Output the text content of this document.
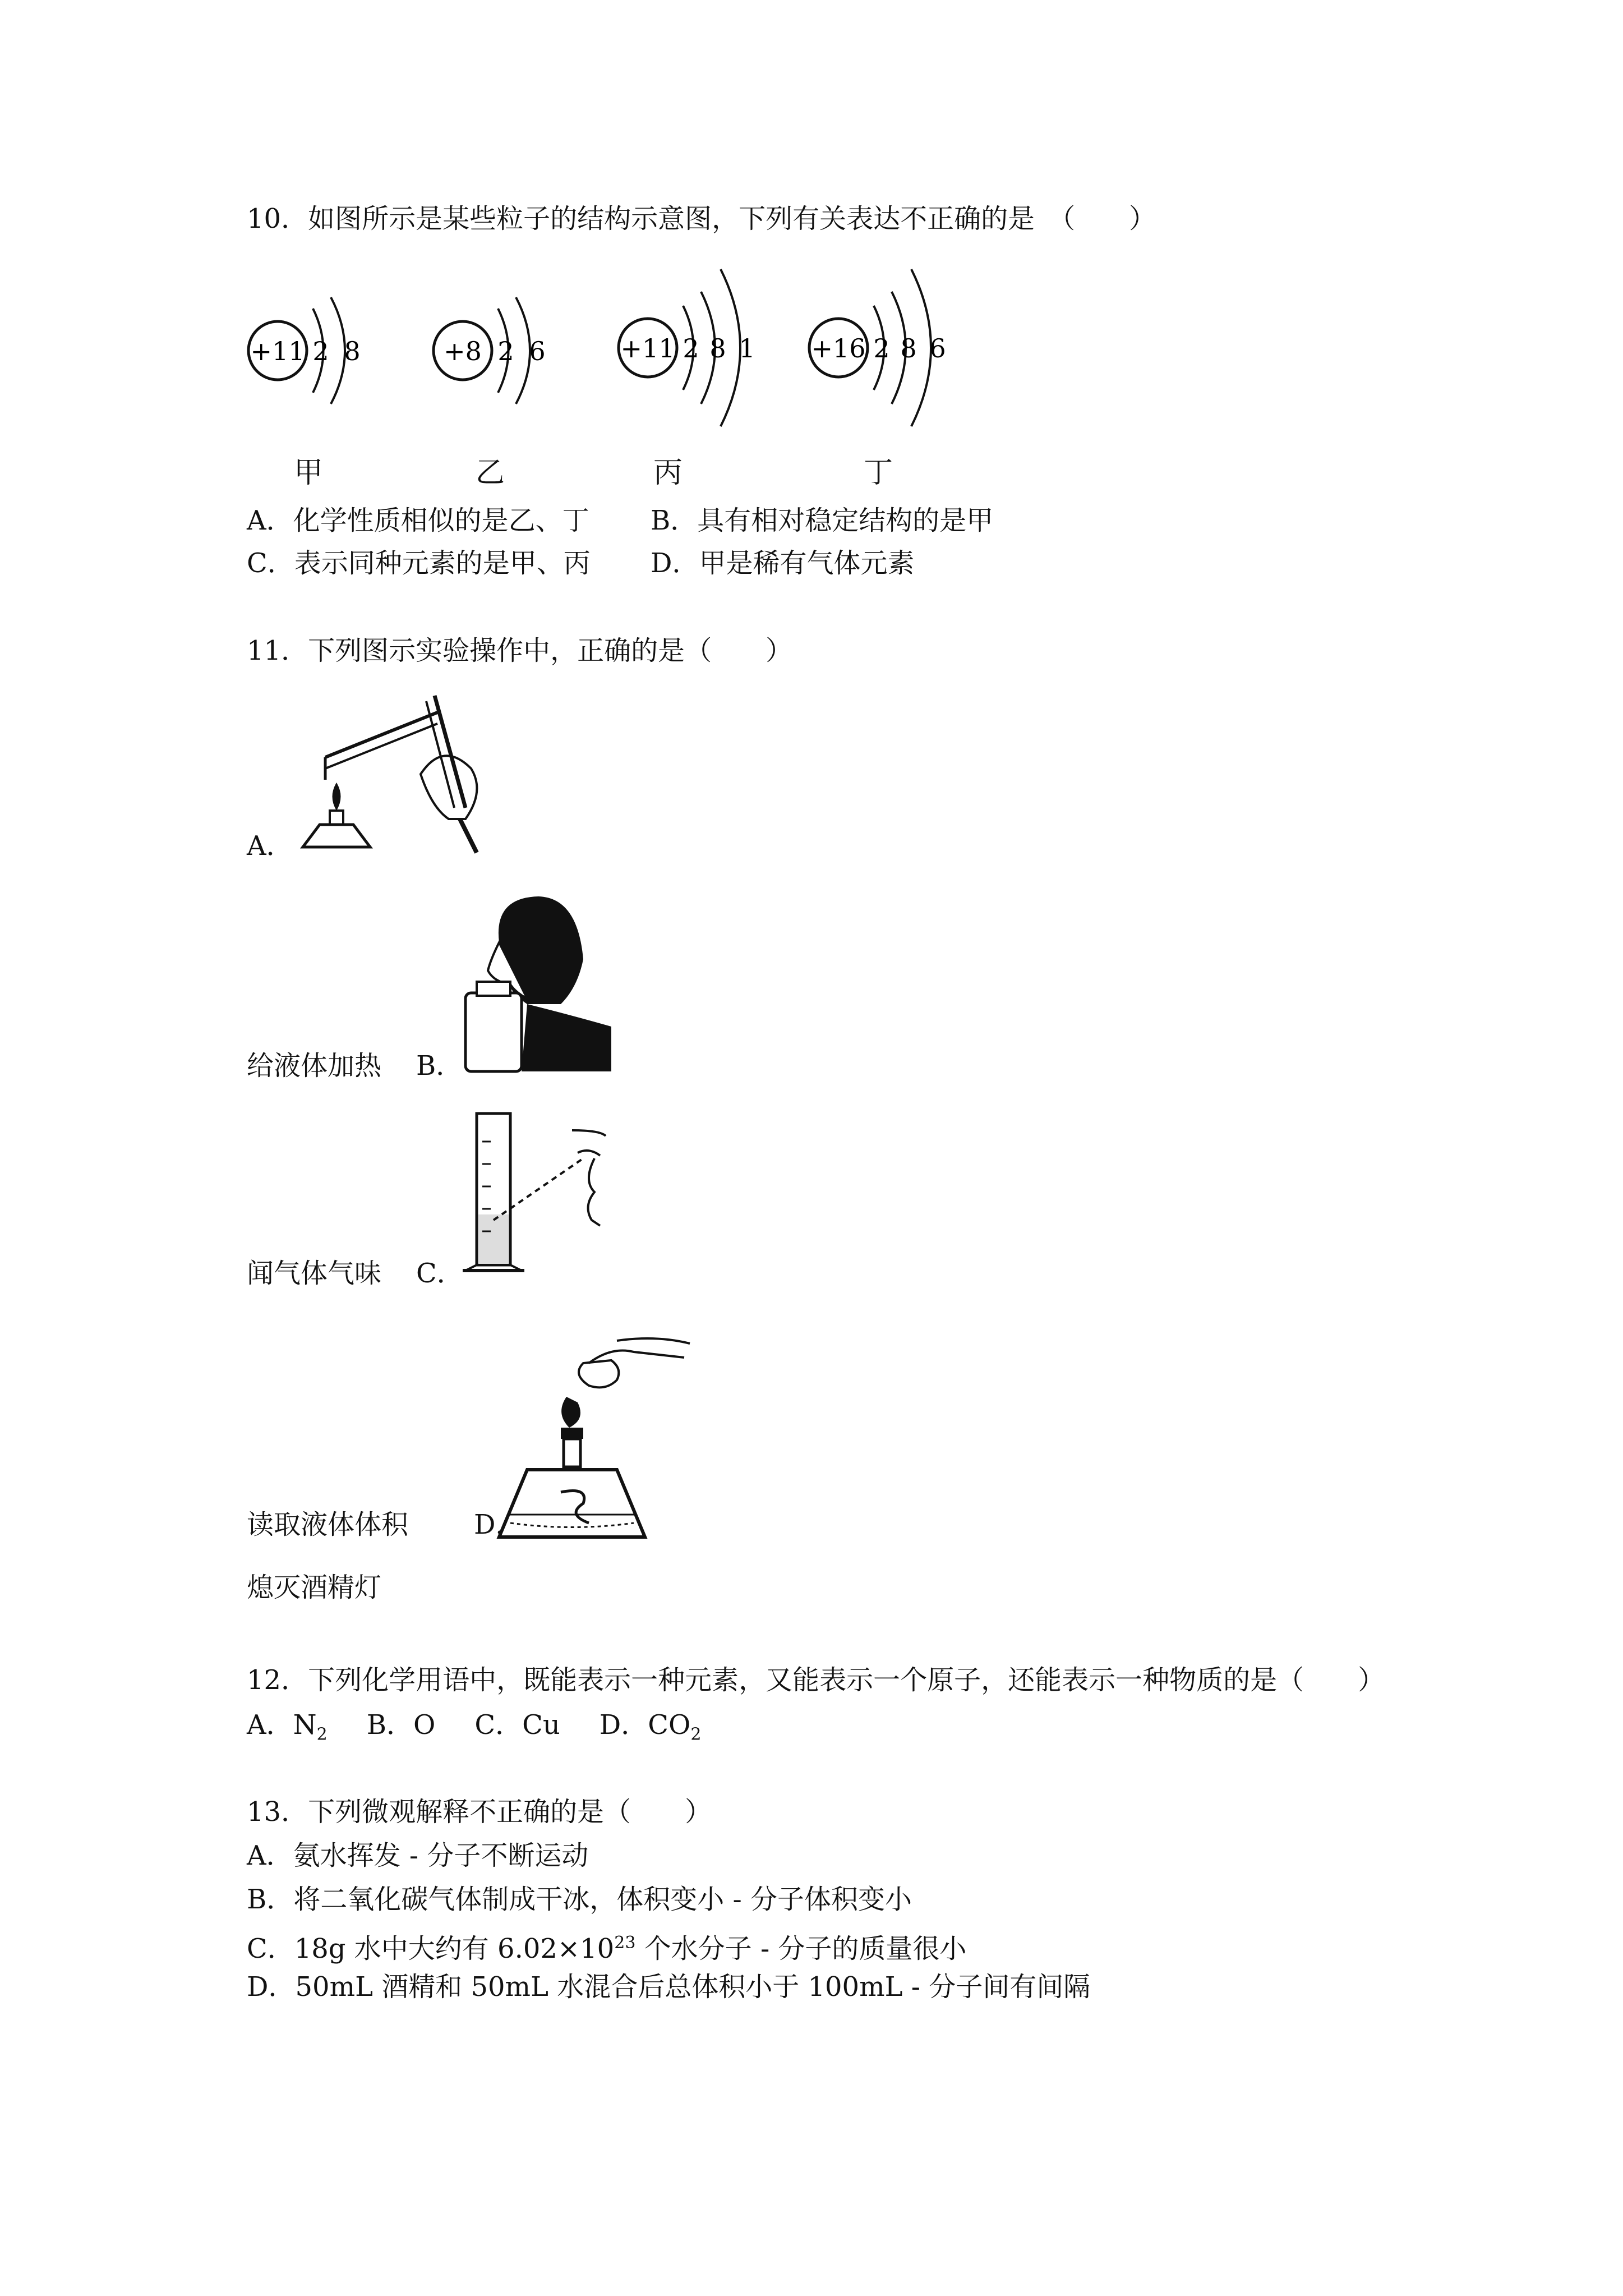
10．如图所示是某些粒子的结构示意图，下列有关表达不正确的是　（　　）
+11 2 8
甲
+8 2 6
乙
+11 2 8 1
丙
+16 2 8 6
丁
A．化学性质相似的是乙、丁 B．具有相对稳定结构的是甲
C．表示同种元素的是甲、丙 D．甲是稀有气体元素
11．下列图示实验操作中，正确的是（　　）
A．
给液体加热 B．
闻气体气味 C．
读取液体体积 D．
熄灭酒精灯
12．下列化学用语中，既能表示一种元素，又能表示一个原子，还能表示一种物质的是（　　）
A．$N_2$ B．O C．Cu D．$CO_2$
13．下列微观解释不正确的是（　　）
A．氨水挥发 - 分子不断运动
B．将二氧化碳气体制成干冰，体积变小 - 分子体积变小
C．18g 水中大约有 $6.02\times 10^{23}$ 个水分子 - 分子的质量很小
D．50mL 酒精和 50mL 水混合后总体积小于 100mL - 分子间有间隔
